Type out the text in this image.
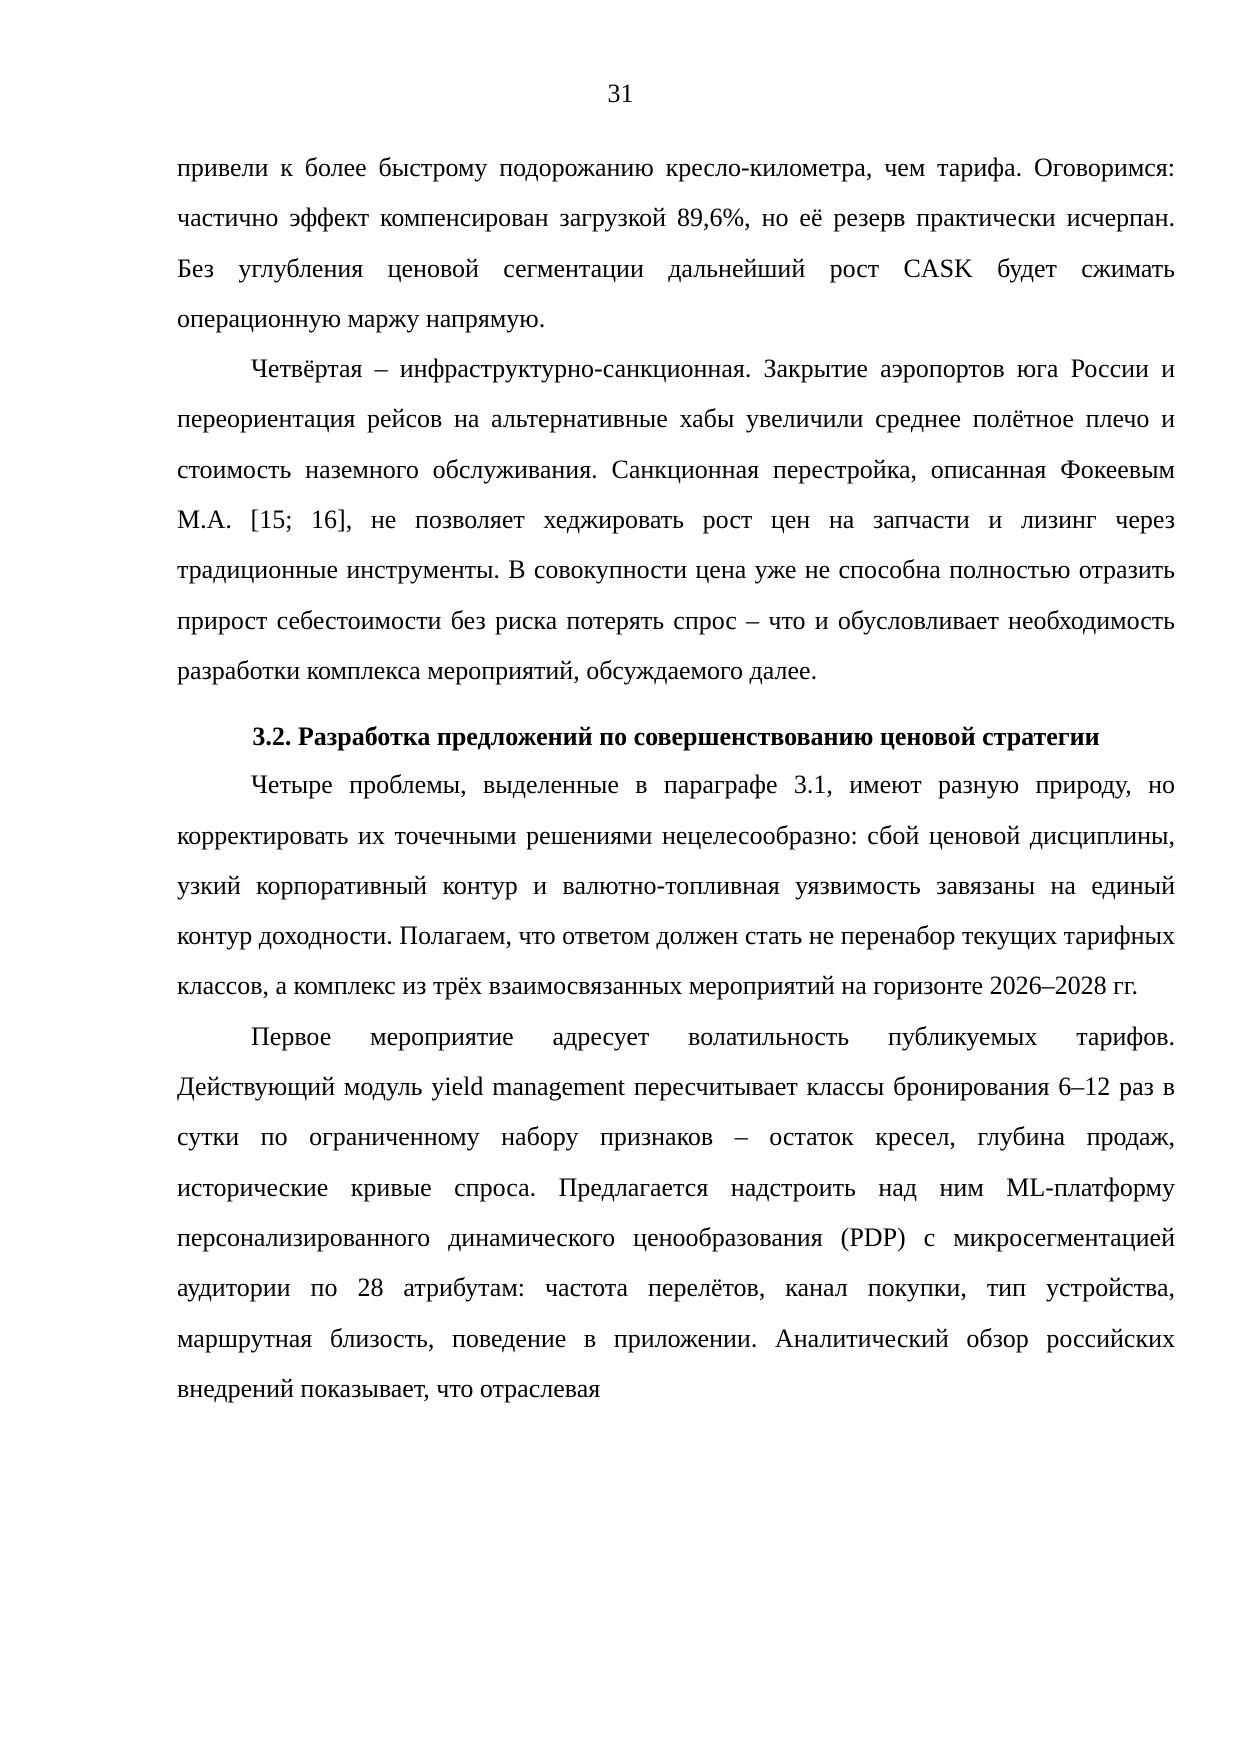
31

привели к более быстрому подорожанию кресло-километра, чем тарифа. Оговоримся: частично эффект компенсирован загрузкой 89,6%, но её резерв практически исчерпан. Без углубления ценовой сегментации дальнейший рост CASK будет сжимать операционную маржу напрямую.

Четвёртая – инфраструктурно-санкционная. Закрытие аэропортов юга России и переориентация рейсов на альтернативные хабы увеличили среднее полётное плечо и стоимость наземного обслуживания. Санкционная перестройка, описанная Фокеевым М.А. [15; 16], не позволяет хеджировать рост цен на запчасти и лизинг через традиционные инструменты. В совокупности цена уже не способна полностью отразить прирост себестоимости без риска потерять спрос – что и обусловливает необходимость разработки комплекса мероприятий, обсуждаемого далее.

3.2. Разработка предложений по совершенствованию ценовой стратегии

Четыре проблемы, выделенные в параграфе 3.1, имеют разную природу, но корректировать их точечными решениями нецелесообразно: сбой ценовой дисциплины, узкий корпоративный контур и валютно-топливная уязвимость завязаны на единый контур доходности. Полагаем, что ответом должен стать не перенабор текущих тарифных классов, а комплекс из трёх взаимосвязанных мероприятий на горизонте 2026–2028 гг.

Первое мероприятие адресует волатильность публикуемых тарифов. Действующий модуль yield management пересчитывает классы бронирования 6–12 раз в сутки по ограниченному набору признаков – остаток кресел, глубина продаж, исторические кривые спроса. Предлагается надстроить над ним ML-платформу персонализированного динамического ценообразования (PDP) с микросегментацией аудитории по 28 атрибутам: частота перелётов, канал покупки, тип устройства, маршрутная близость, поведение в приложении. Аналитический обзор российских внедрений показывает, что отраслевая
